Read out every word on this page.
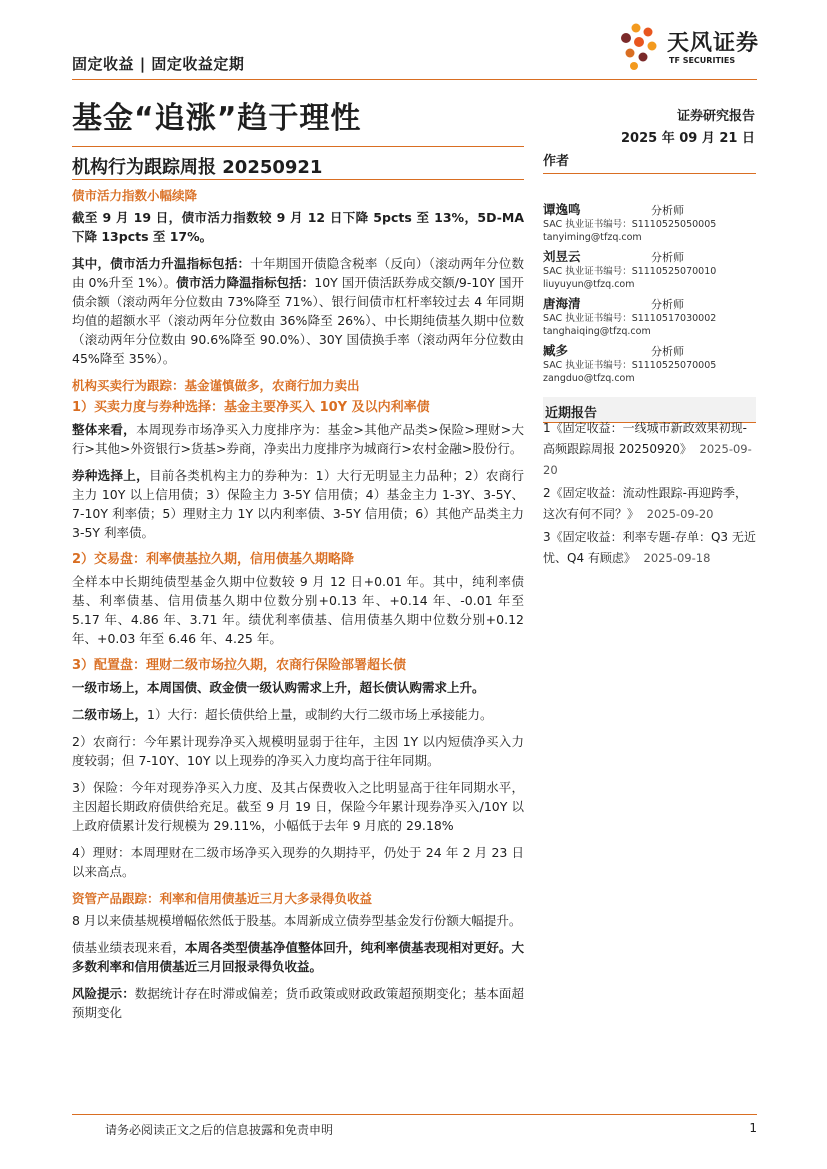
固定收益 | 固定收益定期
天风证券
TF SECURITIES
基金“追涨”趋于理性	证券研究报告
2025 年 09 月 21 日
机构行为跟踪周报 20250921

债市活力指数小幅续降

截至 9 月 19 日，债市活力指数较 9 月 12 日下降 5pcts 至 13%，5D-MA 下降 13pcts 至 17%。

其中，债市活力升温指标包括：十年期国开债隐含税率（反向）（滚动两年分位数由 0%升至 1%）。债市活力降温指标包括：10Y 国开债活跃券成交额/9-10Y 国开债余额（滚动两年分位数由 73%降至 71%）、银行间债市杠杆率较过去 4 年同期均值的超额水平（滚动两年分位数由 36%降至 26%）、中长期纯债基久期中位数（滚动两年分位数由 90.6%降至 90.0%）、30Y 国债换手率（滚动两年分位数由 45%降至 35%）。

机构买卖行为跟踪：基金谨慎做多，农商行加力卖出

1）买卖力度与券种选择：基金主要净买入 10Y 及以内利率债

整体来看，本周现券市场净买入力度排序为：基金>其他产品类>保险>理财>大行>其他>外资银行>货基>券商，净卖出力度排序为城商行>农村金融>股份行。

券种选择上，目前各类机构主力的券种为：1）大行无明显主力品种；2）农商行主力 10Y 以上信用债；3）保险主力 3-5Y 信用债；4）基金主力 1-3Y、3-5Y、7-10Y 利率债；5）理财主力 1Y 以内利率债、3-5Y 信用债；6）其他产品类主力 3-5Y 利率债。

2）交易盘：利率债基拉久期，信用债基久期略降

全样本中长期纯债型基金久期中位数较 9 月 12 日+0.01 年。其中，纯利率债基、利率债基、信用债基久期中位数分别+0.13 年、+0.14 年、-0.01 年至 5.17 年、4.86 年、3.71 年。绩优利率债基、信用债基久期中位数分别+0.12 年、+0.03 年至 6.46 年、4.25 年。

3）配置盘：理财二级市场拉久期，农商行保险部署超长债

一级市场上，本周国债、政金债一级认购需求上升，超长债认购需求上升。

二级市场上，1）大行：超长债供给上量，或制约大行二级市场上承接能力。

2）农商行：今年累计现券净买入规模明显弱于往年，主因 1Y 以内短债净买入力度较弱；但 7-10Y、10Y 以上现券的净买入力度均高于往年同期。

3）保险：今年对现券净买入力度、及其占保费收入之比明显高于往年同期水平，主因超长期政府债供给充足。截至 9 月 19 日，保险今年累计现券净买入/10Y 以上政府债累计发行规模为 29.11%，小幅低于去年 9 月底的 29.18%

4）理财：本周理财在二级市场净买入现券的久期持平，仍处于 24 年 2 月 23 日以来高点。

资管产品跟踪：利率和信用债基近三月大多录得负收益

8 月以来债基规模增幅依然低于股基。本周新成立债券型基金发行份额大幅提升。

债基业绩表现来看，本周各类型债基净值整体回升，纯利率债基表现相对更好。大多数利率和信用债基近三月回报录得负收益。

风险提示：数据统计存在时滞或偏差；货币政策或财政政策超预期变化；基本面超预期变化

作者
谭逸鸣	分析师
SAC 执业证书编号：S1110525050005
tanyiming@tfzq.com
刘昱云	分析师
SAC 执业证书编号：S1110525070010
liuyuyun@tfzq.com
唐海清	分析师
SAC 执业证书编号：S1110517030002
tanghaiqing@tfzq.com
臧多	分析师
SAC 执业证书编号：S1110525070005
zangduo@tfzq.com
近期报告

1《固定收益：一线城市新政效果初现-高频跟踪周报 20250920》 2025-09-20

2《固定收益：流动性跟踪-再迎跨季，这次有何不同？》 2025-09-20

3《固定收益：利率专题-存单：Q3 无近忧、Q4 有顾虑》 2025-09-18

请务必阅读正文之后的信息披露和免责申明	1
